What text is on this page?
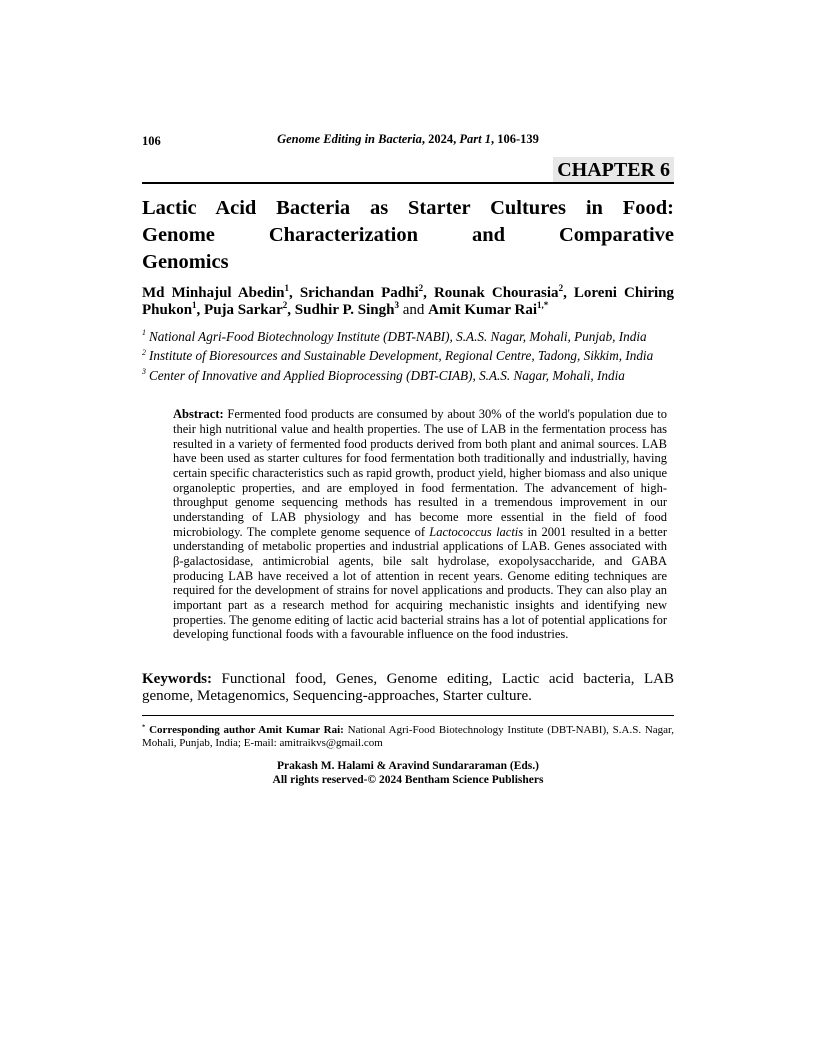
106	Genome Editing in Bacteria, 2024, Part 1, 106-139
CHAPTER 6
Lactic Acid Bacteria as Starter Cultures in Food:
Genome Characterization and Comparative
Genomics

Md Minhajul Abedin$^1$, Srichandan Padhi$^2$, Rounak Chourasia$^2$, Loreni Chiring Phukon$^1$, Puja Sarkar$^2$, Sudhir P. Singh$^3$ and Amit Kumar Rai$^{1,*}$

$^1$ National Agri-Food Biotechnology Institute (DBT-NABI), S.A.S. Nagar, Mohali, Punjab, India

$^2$ Institute of Bioresources and Sustainable Development, Regional Centre, Tadong, Sikkim, India

$^3$ Center of Innovative and Applied Bioprocessing (DBT-CIAB), S.A.S. Nagar, Mohali, India

Abstract: Fermented food products are consumed by about 30% of the world's population due to their high nutritional value and health properties. The use of LAB in the fermentation process has resulted in a variety of fermented food products derived from both plant and animal sources. LAB have been used as starter cultures for food fermentation both traditionally and industrially, having certain specific characteristics such as rapid growth, product yield, higher biomass and also unique organoleptic properties, and are employed in food fermentation. The advancement of high-throughput genome sequencing methods has resulted in a tremendous improvement in our understanding of LAB physiology and has become more essential in the field of food microbiology. The complete genome sequence of Lactococcus lactis in 2001 resulted in a better understanding of metabolic properties and industrial applications of LAB. Genes associated with β-galactosidase, antimicrobial agents, bile salt hydrolase, exopolysaccharide, and GABA producing LAB have received a lot of attention in recent years. Genome editing techniques are required for the development of strains for novel applications and products. They can also play an important part as a research method for acquiring mechanistic insights and identifying new properties. The genome editing of lactic acid bacterial strains has a lot of potential applications for developing functional foods with a favourable influence on the food industries.

Keywords: Functional food, Genes, Genome editing, Lactic acid bacteria, LAB genome, Metagenomics, Sequencing-approaches, Starter culture.

* Corresponding author Amit Kumar Rai: National Agri-Food Biotechnology Institute (DBT-NABI), S.A.S. Nagar, Mohali, Punjab, India; E-mail: amitraikvs@gmail.com

Prakash M. Halami & Aravind Sundararaman (Eds.)
All rights reserved-© 2024 Bentham Science Publishers
